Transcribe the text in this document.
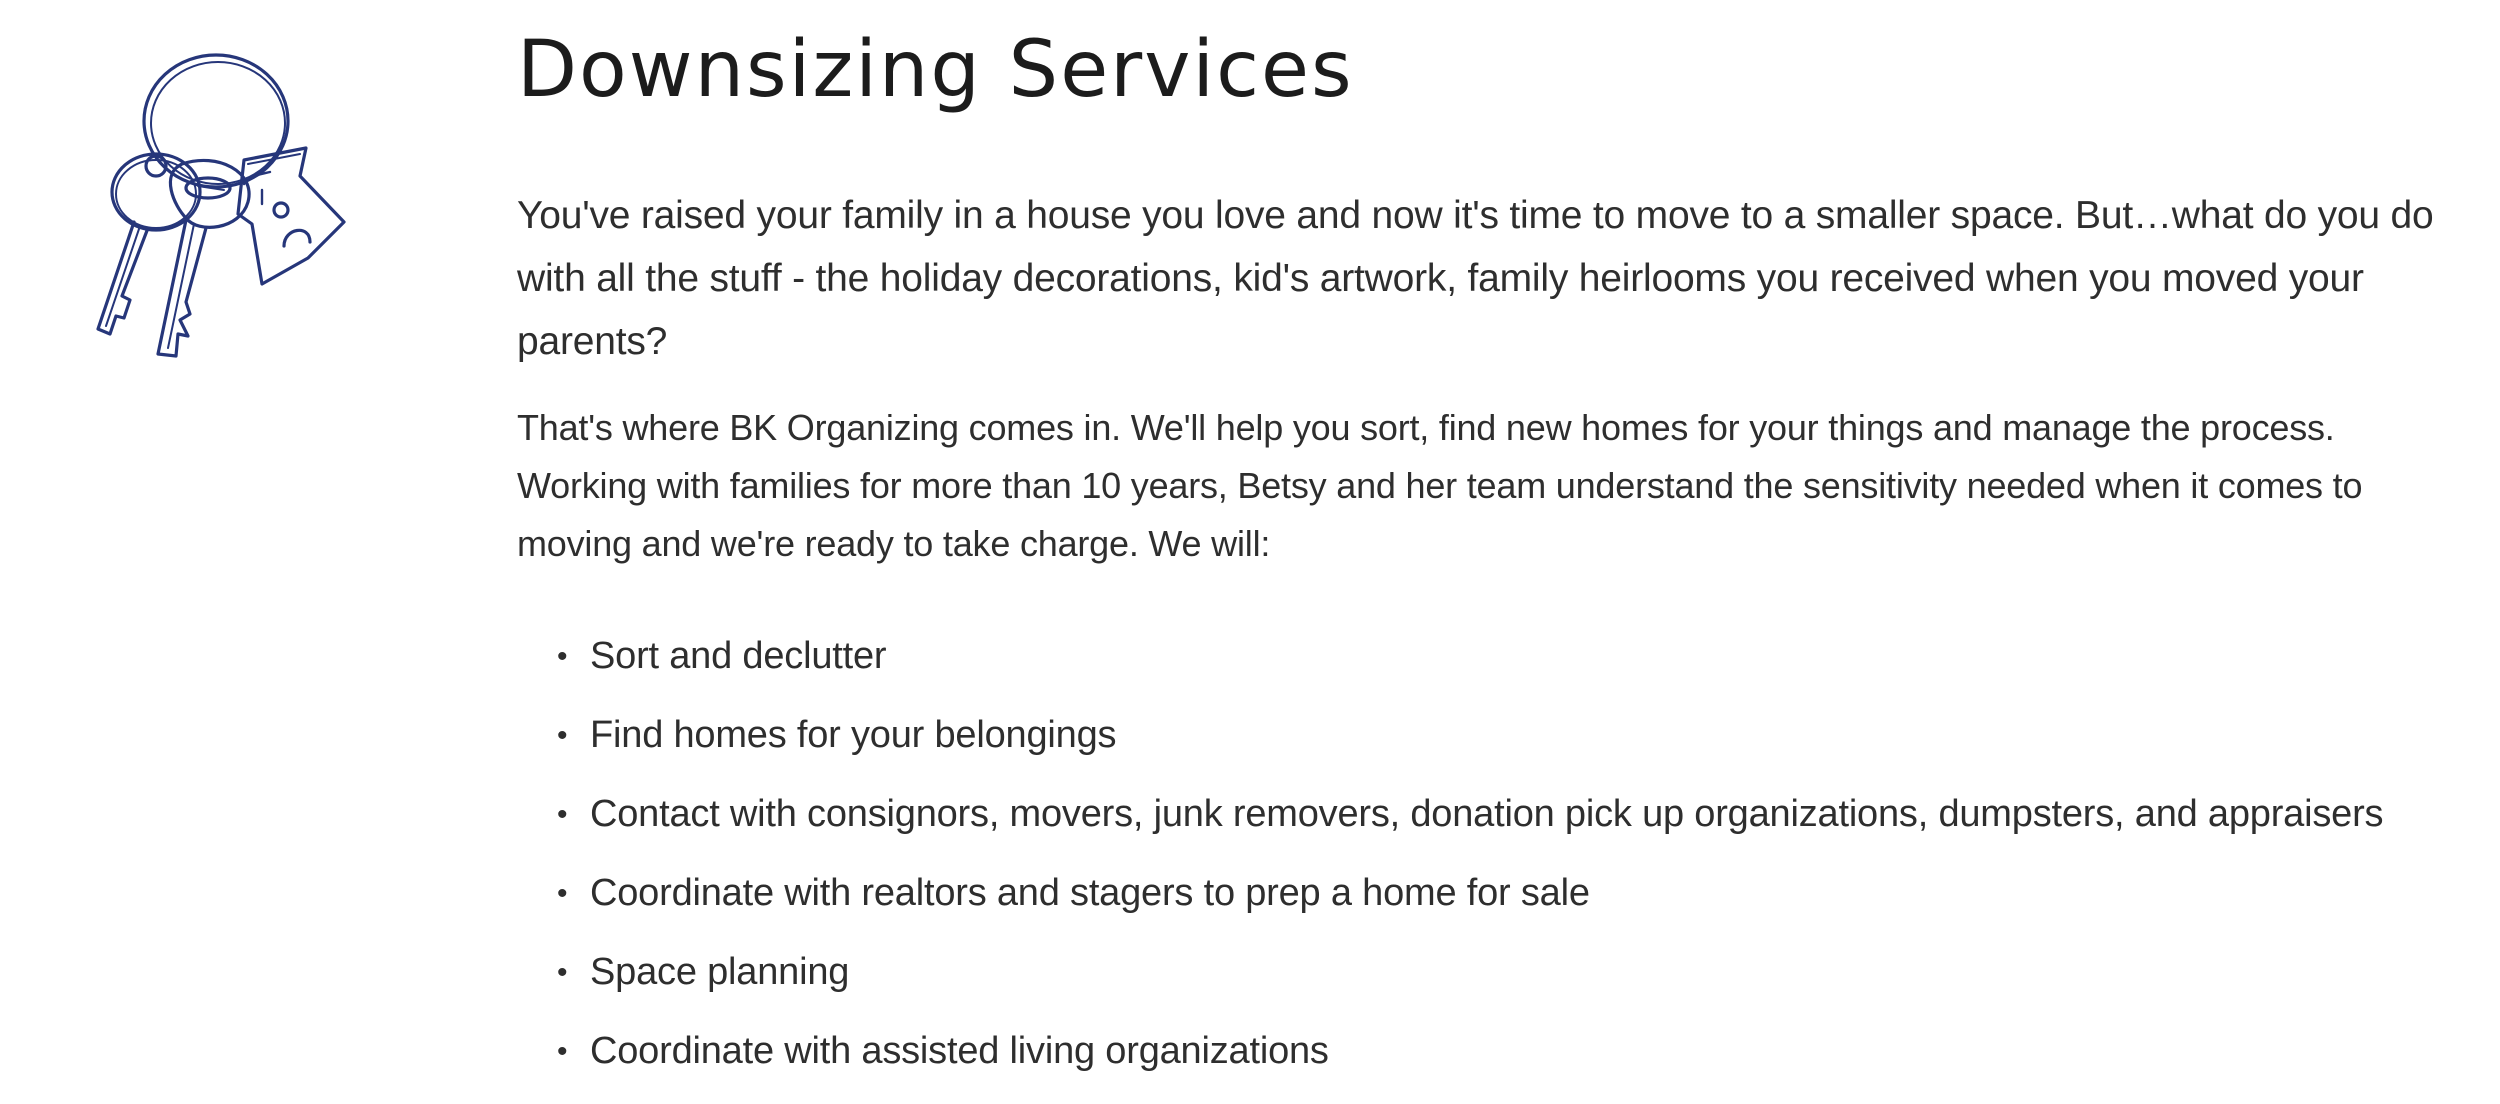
Downsizing Services

You've raised your family in a house you love and now it's time to move to a smaller space. But…what do you do with all the stuff - the holiday decorations, kid's artwork, family heirlooms you received when you moved your parents?

That's where BK Organizing comes in. We'll help you sort, find new homes for your things and manage the process. Working with families for more than 10 years, Betsy and her team understand the sensitivity needed when it comes to moving and we're ready to take charge. We will:

• Sort and declutter
• Find homes for your belongings
• Contact with consignors, movers, junk removers, donation pick up organizations, dumpsters, and appraisers
• Coordinate with realtors and stagers to prep a home for sale
• Space planning
• Coordinate with assisted living organizations
